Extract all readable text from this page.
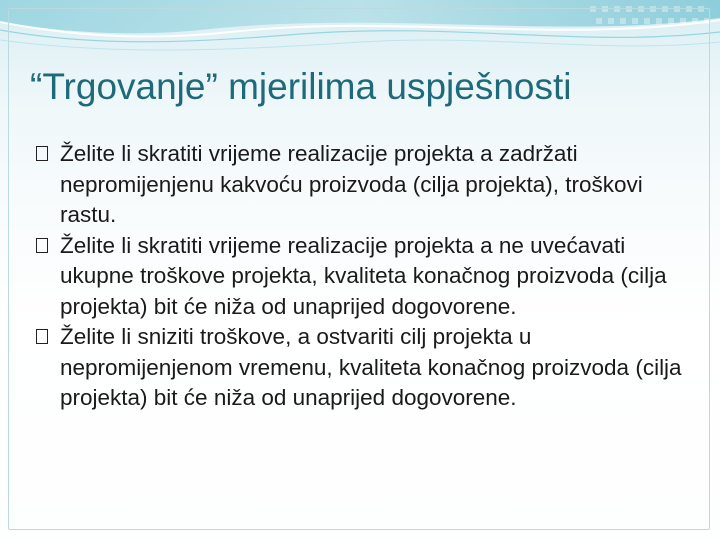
“Trgovanje” mjerilima uspješnosti

Želite li skratiti vrijeme realizacije projekta a zadržati nepromijenjenu kakvoću proizvoda (cilja projekta), troškovi rastu.

Želite li skratiti vrijeme realizacije projekta a ne uvećavati ukupne troškove projekta, kvaliteta konačnog proizvoda (cilja projekta) bit će niža od unaprijed dogovorene.

Želite li sniziti troškove, a ostvariti cilj projekta u nepromijenjenom vremenu, kvaliteta konačnog proizvoda (cilja projekta) bit će niža od unaprijed dogovorene.
